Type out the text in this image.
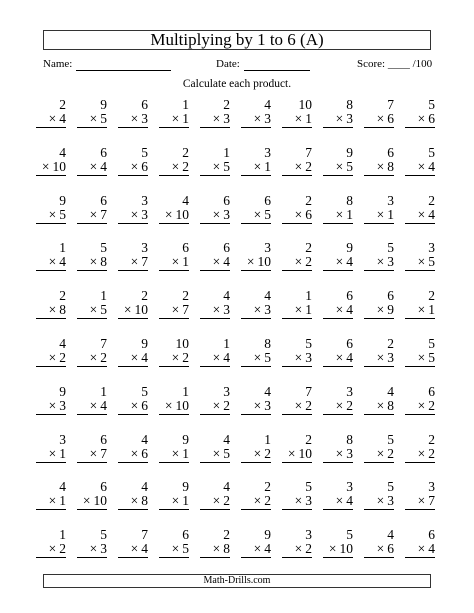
Multiplying by 1 to 6 (A)
Name:	Date:	Score: ____ /100
Calculate each product.
2
× 4
9
× 5
6
× 3
1
× 1
2
× 3
4
× 3
10
× 1
8
× 3
7
× 6
5
× 6
4
× 10
6
× 4
5
× 6
2
× 2
1
× 5
3
× 1
7
× 2
9
× 5
6
× 8
5
× 4
9
× 5
6
× 7
3
× 3
4
× 10
6
× 3
6
× 5
2
× 6
8
× 1
3
× 1
2
× 4
1
× 4
5
× 8
3
× 7
6
× 1
6
× 4
3
× 10
2
× 2
9
× 4
5
× 3
3
× 5
2
× 8
1
× 5
2
× 10
2
× 7
4
× 3
4
× 3
1
× 1
6
× 4
6
× 9
2
× 1
4
× 2
7
× 2
9
× 4
10
× 2
1
× 4
8
× 5
5
× 3
6
× 4
2
× 3
5
× 5
9
× 3
1
× 4
5
× 6
1
× 10
3
× 2
4
× 3
7
× 2
3
× 2
4
× 8
6
× 2
3
× 1
6
× 7
4
× 6
9
× 1
4
× 5
1
× 2
2
× 10
8
× 3
5
× 2
2
× 2
4
× 1
6
× 10
4
× 8
9
× 1
4
× 2
2
× 2
5
× 3
3
× 4
5
× 3
3
× 7
1
× 2
5
× 3
7
× 4
6
× 5
2
× 8
9
× 4
3
× 2
5
× 10
4
× 6
6
× 4
Math-Drills.com
